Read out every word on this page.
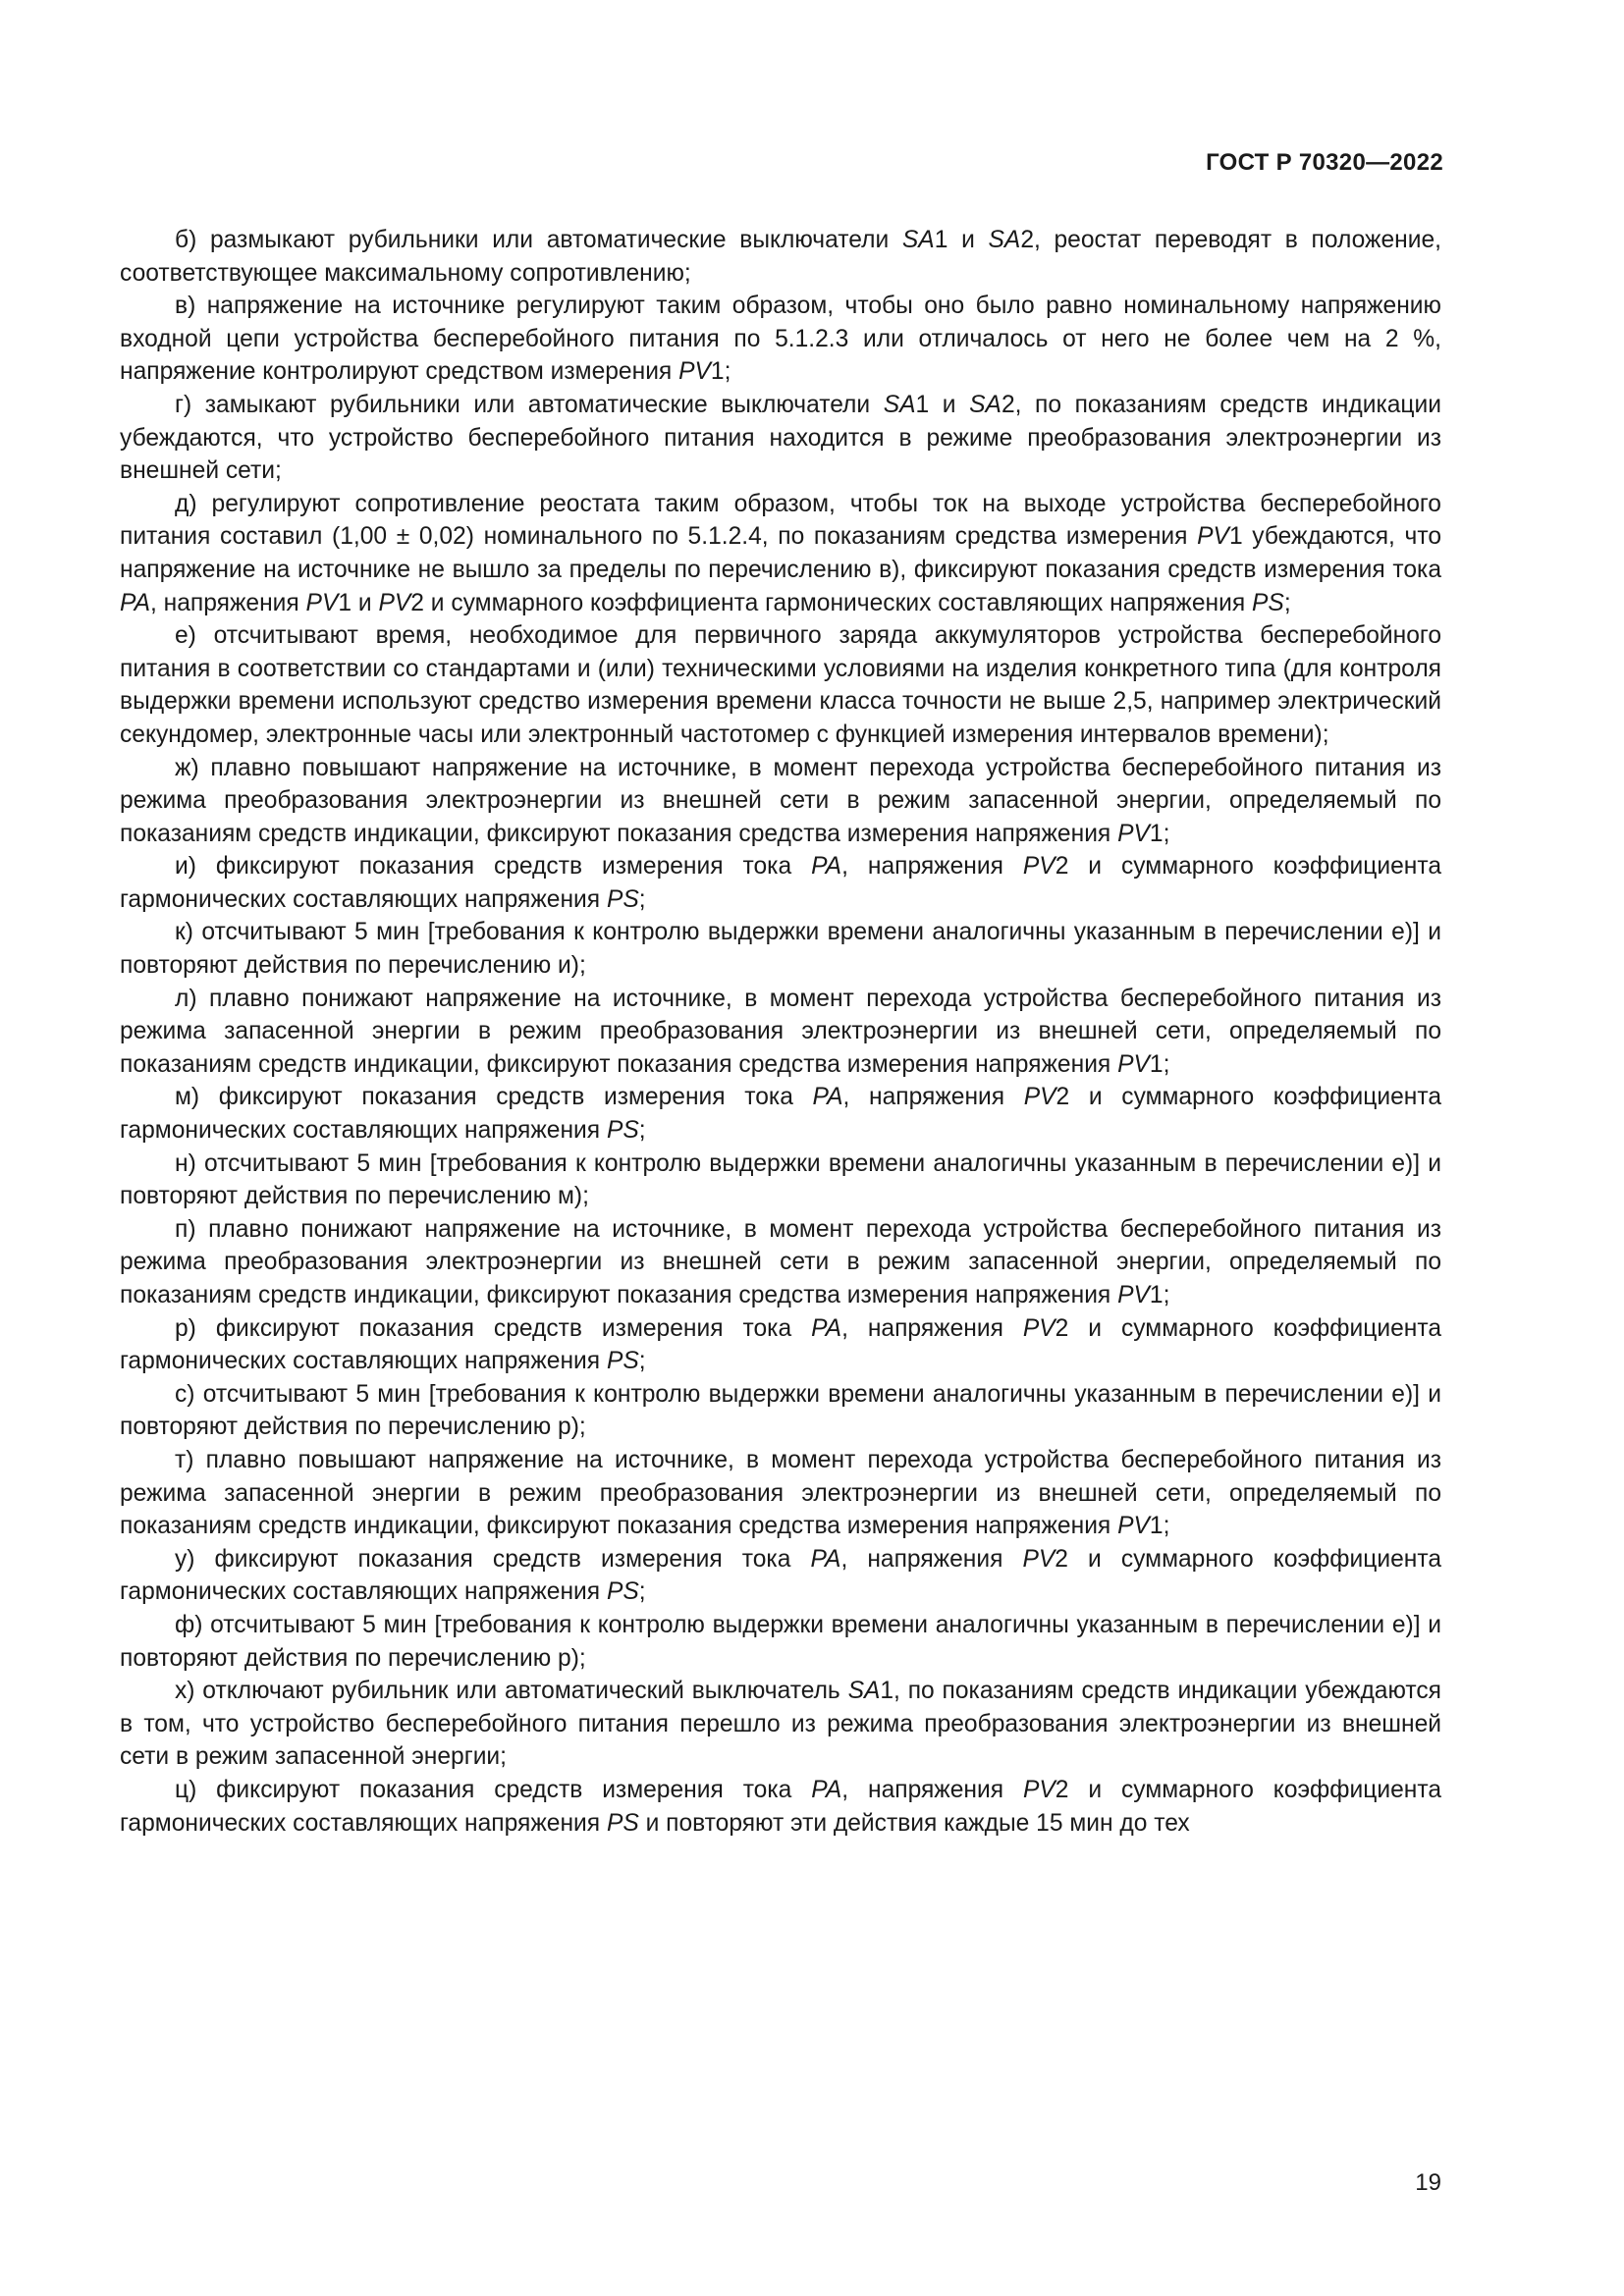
ГОСТ Р 70320—2022

б) размыкают рубильники или автоматические выключатели SA1 и SA2, реостат переводят в положение, соответствующее максимальному сопротивлению;

в) напряжение на источнике регулируют таким образом, чтобы оно было равно номинальному напряжению входной цепи устройства бесперебойного питания по 5.1.2.3 или отличалось от него не более чем на 2 %, напряжение контролируют средством измерения PV1;

г) замыкают рубильники или автоматические выключатели SA1 и SA2, по показаниям средств индикации убеждаются, что устройство бесперебойного питания находится в режиме преобразования электроэнергии из внешней сети;

д) регулируют сопротивление реостата таким образом, чтобы ток на выходе устройства бесперебойного питания составил (1,00 ± 0,02) номинального по 5.1.2.4, по показаниям средства измерения PV1 убеждаются, что напряжение на источнике не вышло за пределы по перечислению в), фиксируют показания средств измерения тока PA, напряжения PV1 и PV2 и суммарного коэффициента гармонических составляющих напряжения PS;

е) отсчитывают время, необходимое для первичного заряда аккумуляторов устройства бесперебойного питания в соответствии со стандартами и (или) техническими условиями на изделия конкретного типа (для контроля выдержки времени используют средство измерения времени класса точности не выше 2,5, например электрический секундомер, электронные часы или электронный частотомер с функцией измерения интервалов времени);

ж) плавно повышают напряжение на источнике, в момент перехода устройства бесперебойного питания из режима преобразования электроэнергии из внешней сети в режим запасенной энергии, определяемый по показаниям средств индикации, фиксируют показания средства измерения напряжения PV1;

и) фиксируют показания средств измерения тока PA, напряжения PV2 и суммарного коэффициента гармонических составляющих напряжения PS;

к) отсчитывают 5 мин [требования к контролю выдержки времени аналогичны указанным в перечислении е)] и повторяют действия по перечислению и);

л) плавно понижают напряжение на источнике, в момент перехода устройства бесперебойного питания из режима запасенной энергии в режим преобразования электроэнергии из внешней сети, определяемый по показаниям средств индикации, фиксируют показания средства измерения напряжения PV1;

м) фиксируют показания средств измерения тока PA, напряжения PV2 и суммарного коэффициента гармонических составляющих напряжения PS;

н) отсчитывают 5 мин [требования к контролю выдержки времени аналогичны указанным в перечислении е)] и повторяют действия по перечислению м);

п) плавно понижают напряжение на источнике, в момент перехода устройства бесперебойного питания из режима преобразования электроэнергии из внешней сети в режим запасенной энергии, определяемый по показаниям средств индикации, фиксируют показания средства измерения напряжения PV1;

р) фиксируют показания средств измерения тока PA, напряжения PV2 и суммарного коэффициента гармонических составляющих напряжения PS;

с) отсчитывают 5 мин [требования к контролю выдержки времени аналогичны указанным в перечислении е)] и повторяют действия по перечислению р);

т) плавно повышают напряжение на источнике, в момент перехода устройства бесперебойного питания из режима запасенной энергии в режим преобразования электроэнергии из внешней сети, определяемый по показаниям средств индикации, фиксируют показания средства измерения напряжения PV1;

у) фиксируют показания средств измерения тока PA, напряжения PV2 и суммарного коэффициента гармонических составляющих напряжения PS;

ф) отсчитывают 5 мин [требования к контролю выдержки времени аналогичны указанным в перечислении е)] и повторяют действия по перечислению р);

х) отключают рубильник или автоматический выключатель SA1, по показаниям средств индикации убеждаются в том, что устройство бесперебойного питания перешло из режима преобразования электроэнергии из внешней сети в режим запасенной энергии;

ц) фиксируют показания средств измерения тока PA, напряжения PV2 и суммарного коэффициента гармонических составляющих напряжения PS и повторяют эти действия каждые 15 мин до тех

19
